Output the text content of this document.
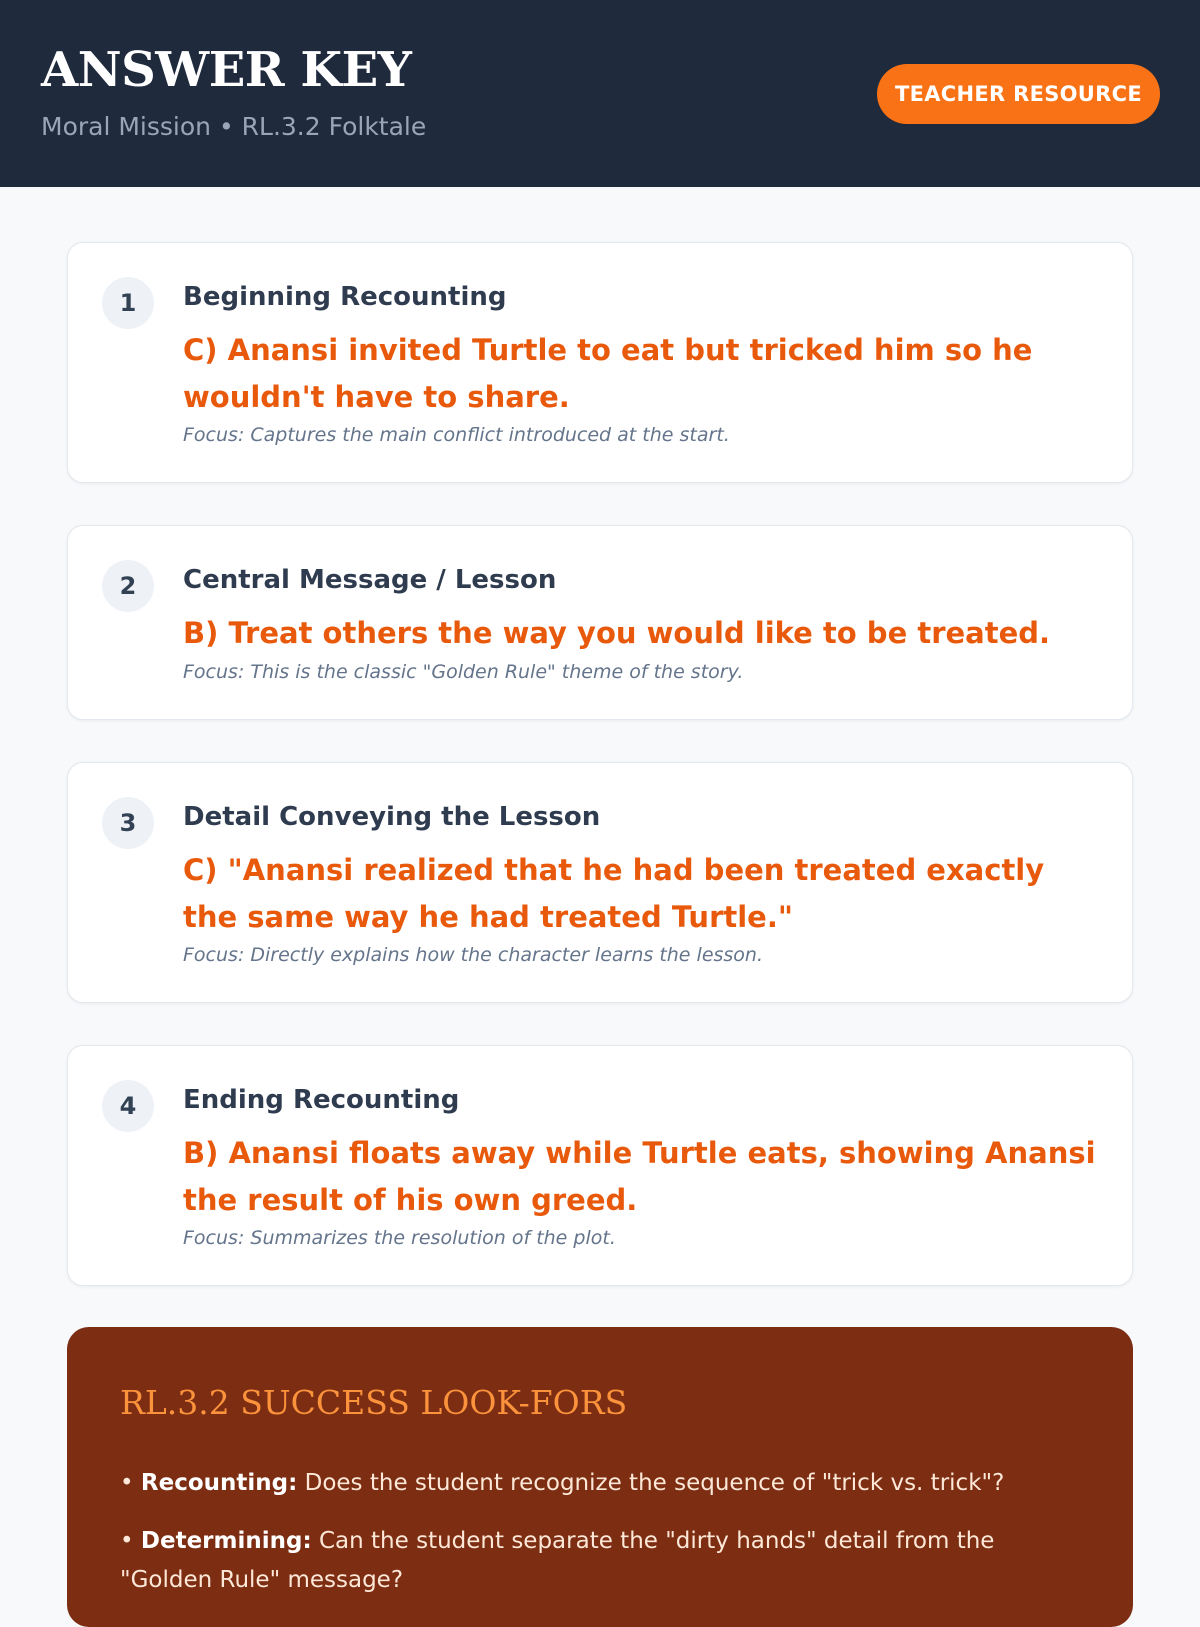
ANSWER KEY
Moral Mission • RL.3.2 Folktale
TEACHER RESOURCE
1	Beginning Recounting
C) Anansi invited Turtle to eat but tricked him so he wouldn't have to share.
Focus: Captures the main conflict introduced at the start.
2	Central Message / Lesson
B) Treat others the way you would like to be treated.
Focus: This is the classic "Golden Rule" theme of the story.
3	Detail Conveying the Lesson
C) "Anansi realized that he had been treated exactly the same way he had treated Turtle."
Focus: Directly explains how the character learns the lesson.
4	Ending Recounting
B) Anansi floats away while Turtle eats, showing Anansi the result of his own greed.
Focus: Summarizes the resolution of the plot.
RL.3.2 SUCCESS LOOK-FORS
• Recounting: Does the student recognize the sequence of "trick vs. trick"?
• Determining: Can the student separate the "dirty hands" detail from the "Golden Rule" message?
